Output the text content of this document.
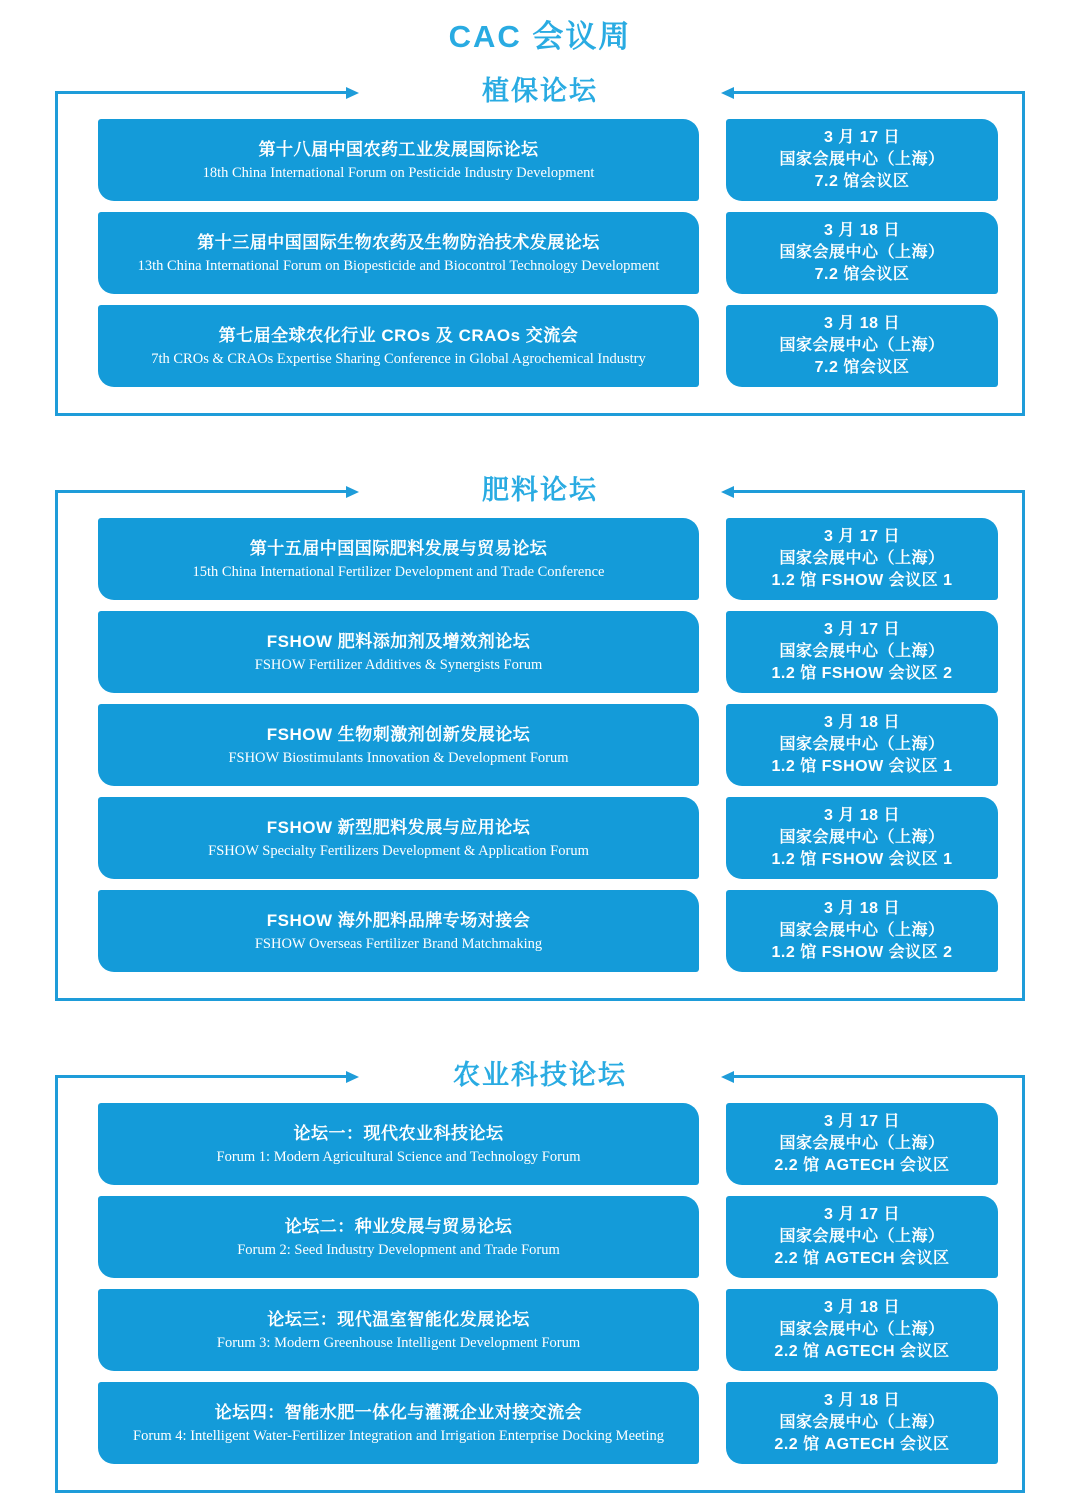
CAC 会议周
植保论坛
第十八届中国农药工业发展国际论坛
18th China International Forum on Pesticide Industry Development
3 月 17 日
国家会展中心（上海）
7.2 馆会议区
第十三届中国国际生物农药及生物防治技术发展论坛
13th China International Forum on Biopesticide and Biocontrol Technology Development
3 月 18 日
国家会展中心（上海）
7.2 馆会议区
第七届全球农化行业 CROs 及 CRAOs 交流会
7th CROs & CRAOs Expertise Sharing Conference in Global Agrochemical Industry
3 月 18 日
国家会展中心（上海）
7.2 馆会议区
肥料论坛
第十五届中国国际肥料发展与贸易论坛
15th China International Fertilizer Development and Trade Conference
3 月 17 日
国家会展中心（上海）
1.2 馆 FSHOW 会议区 1
FSHOW 肥料添加剂及增效剂论坛
FSHOW Fertilizer Additives & Synergists Forum
3 月 17 日
国家会展中心（上海）
1.2 馆 FSHOW 会议区 2
FSHOW 生物刺激剂创新发展论坛
FSHOW Biostimulants Innovation & Development Forum
3 月 18 日
国家会展中心（上海）
1.2 馆 FSHOW 会议区 1
FSHOW 新型肥料发展与应用论坛
FSHOW Specialty Fertilizers Development & Application Forum
3 月 18 日
国家会展中心（上海）
1.2 馆 FSHOW 会议区 1
FSHOW 海外肥料品牌专场对接会
FSHOW Overseas Fertilizer Brand Matchmaking
3 月 18 日
国家会展中心（上海）
1.2 馆 FSHOW 会议区 2
农业科技论坛
论坛一：现代农业科技论坛
Forum 1: Modern Agricultural Science and Technology Forum
3 月 17 日
国家会展中心（上海）
2.2 馆 AGTECH 会议区
论坛二：种业发展与贸易论坛
Forum 2: Seed Industry Development and Trade Forum
3 月 17 日
国家会展中心（上海）
2.2 馆 AGTECH 会议区
论坛三：现代温室智能化发展论坛
Forum 3: Modern Greenhouse Intelligent Development Forum
3 月 18 日
国家会展中心（上海）
2.2 馆 AGTECH 会议区
论坛四：智能水肥一体化与灌溉企业对接交流会
Forum 4: Intelligent Water-Fertilizer Integration and Irrigation Enterprise Docking Meeting
3 月 18 日
国家会展中心（上海）
2.2 馆 AGTECH 会议区
